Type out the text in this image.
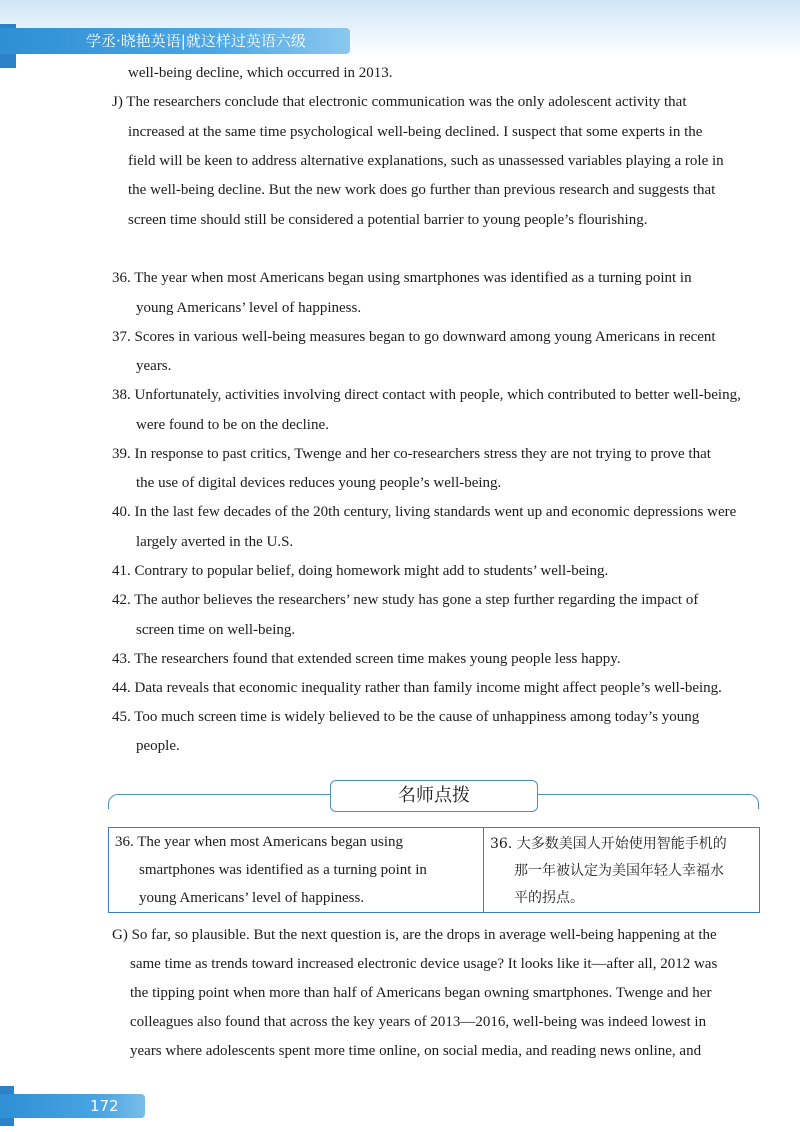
学丞·晓艳英语|就这样过英语六级
well-being decline, which occurred in 2013.
J) The researchers conclude that electronic communication was the only adolescent activity that
increased at the same time psychological well-being declined. I suspect that some experts in the
field will be keen to address alternative explanations, such as unassessed variables playing a role in
the well-being decline. But the new work does go further than previous research and suggests that
screen time should still be considered a potential barrier to young people’s flourishing.
36. The year when most Americans began using smartphones was identified as a turning point in
young Americans’ level of happiness.
37. Scores in various well-being measures began to go downward among young Americans in recent
years.
38. Unfortunately, activities involving direct contact with people, which contributed to better well-being,
were found to be on the decline.
39. In response to past critics, Twenge and her co-researchers stress they are not trying to prove that
the use of digital devices reduces young people’s well-being.
40. In the last few decades of the 20th century, living standards went up and economic depressions were
largely averted in the U.S.
41. Contrary to popular belief, doing homework might add to students’ well-being.
42. The author believes the researchers’ new study has gone a step further regarding the impact of
screen time on well-being.
43. The researchers found that extended screen time makes young people less happy.
44. Data reveals that economic inequality rather than family income might affect people’s well-being.
45. Too much screen time is widely believed to be the cause of unhappiness among today’s young
people.
名师点拨
36. The year when most Americans began using
smartphones was identified as a turning point in
young Americans’ level of happiness.
36. 大多数美国人开始使用智能手机的
那一年被认定为美国年轻人幸福水
平的拐点。
G) So far, so plausible. But the next question is, are the drops in average well-being happening at the
same time as trends toward increased electronic device usage? It looks like it—after all, 2012 was
the tipping point when more than half of Americans began owning smartphones. Twenge and her
colleagues also found that across the key years of 2013—2016, well-being was indeed lowest in
years where adolescents spent more time online, on social media, and reading news online, and
172
